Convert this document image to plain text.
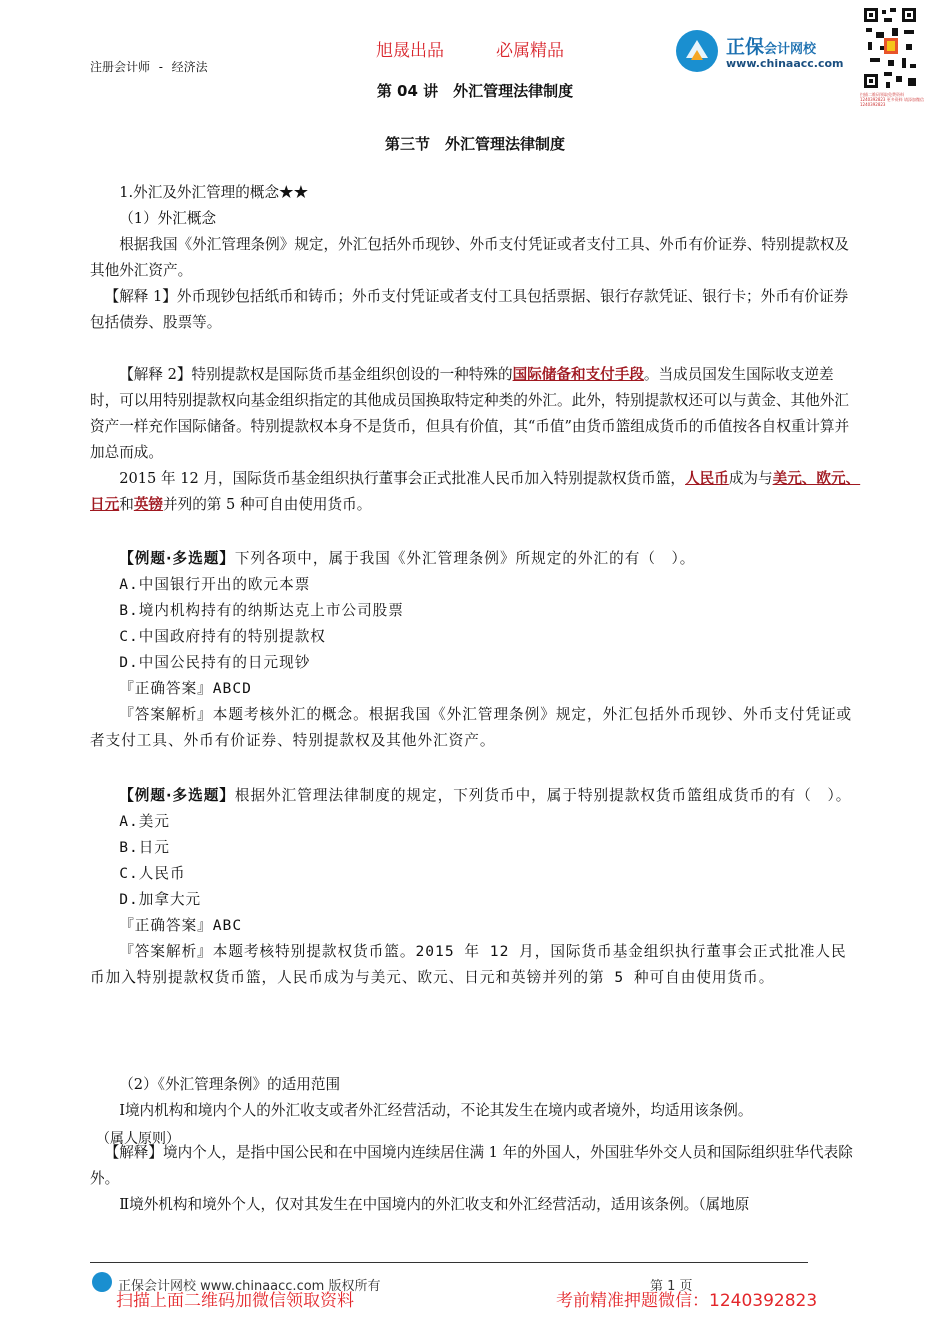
旭晟出品	必属精品
注册会计师 - 经济法
正保会计网校
www.chinaacc.com
扫描二维码领取免费资料 1240392823 更多资料 请添加微信 1240392823
第 04 讲　外汇管理法律制度
第三节　外汇管理法律制度

1.外汇及外汇管理的概念★★

（1）外汇概念

根据我国《外汇管理条例》规定，外汇包括外币现钞、外币支付凭证或者支付工具、外币有价证券、特别提款权及其他外汇资产。

【解释 1】外币现钞包括纸币和铸币；外币支付凭证或者支付工具包括票据、银行存款凭证、银行卡；外币有价证券包括债券、股票等。

【解释 2】特别提款权是国际货币基金组织创设的一种特殊的国际储备和支付手段。当成员国发生国际收支逆差时，可以用特别提款权向基金组织指定的其他成员国换取特定种类的外汇。此外，特别提款权还可以与黄金、其他外汇资产一样充作国际储备。特别提款权本身不是货币，但具有价值，其“币值”由货币篮组成货币的币值按各自权重计算并加总而成。

2015 年 12 月，国际货币基金组织执行董事会正式批准人民币加入特别提款权货币篮，人民币成为与美元、欧元、日元和英镑并列的第 5 种可自由使用货币。

【例题·多选题】下列各项中，属于我国《外汇管理条例》所规定的外汇的有（　）。

A.中国银行开出的欧元本票

B.境内机构持有的纳斯达克上市公司股票

C.中国政府持有的特别提款权

D.中国公民持有的日元现钞

『正确答案』ABCD

『答案解析』本题考核外汇的概念。根据我国《外汇管理条例》规定，外汇包括外币现钞、外币支付凭证或者支付工具、外币有价证券、特别提款权及其他外汇资产。

【例题·多选题】根据外汇管理法律制度的规定，下列货币中，属于特别提款权货币篮组成货币的有（　）。

A.美元

B.日元

C.人民币

D.加拿大元

『正确答案』ABC

『答案解析』本题考核特别提款权货币篮。2015 年 12 月，国际货币基金组织执行董事会正式批准人民币加入特别提款权货币篮，人民币成为与美元、欧元、日元和英镑并列的第 5 种可自由使用货币。

（2）《外汇管理条例》的适用范围

Ⅰ境内机构和境内个人的外汇收支或者外汇经营活动，不论其发生在境内或者境外，均适用该条例。

（属人原则）

【解释】境内个人，是指中国公民和在中国境内连续居住满 1 年的外国人，外国驻华外交人员和国际组织驻华代表除外。

Ⅱ境外机构和境外个人，仅对其发生在中国境内的外汇收支和外汇经营活动，适用该条例。（属地原

正保会计网校 www.chinaacc.com 版权所有	第 1 页
扫描上面二维码加微信领取资料	考前精准押题微信：1240392823
